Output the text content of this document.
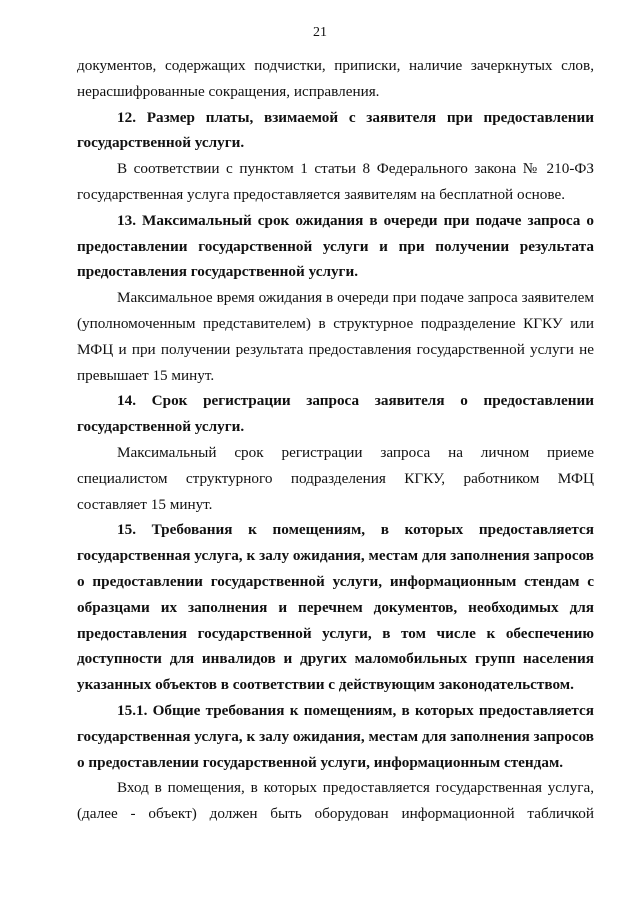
21

документов, содержащих подчистки, приписки, наличие зачеркнутых слов, нерасшифрованные сокращения, исправления.

12. Размер платы, взимаемой с заявителя при предоставлении государственной услуги.

В соответствии с пунктом 1 статьи 8 Федерального закона № 210-ФЗ государственная услуга предоставляется заявителям на бесплатной основе.

13. Максимальный срок ожидания в очереди при подаче запроса о предоставлении государственной услуги и при получении результата предоставления государственной услуги.

Максимальное время ожидания в очереди при подаче запроса заявителем (уполномоченным представителем) в структурное подразделение КГКУ или МФЦ и при получении результата предоставления государственной услуги не превышает 15 минут.

14. Срок регистрации запроса заявителя о предоставлении государственной услуги.

Максимальный срок регистрации запроса на личном приеме специалистом структурного подразделения КГКУ, работником МФЦ составляет 15 минут.

15. Требования к помещениям, в которых предоставляется государственная услуга, к залу ожидания, местам для заполнения запросов о предоставлении государственной услуги, информационным стендам с образцами их заполнения и перечнем документов, необходимых для предоставления государственной услуги, в том числе к обеспечению доступности для инвалидов и других маломобильных групп населения указанных объектов в соответствии с действующим законодательством.

15.1. Общие требования к помещениям, в которых предоставляется государственная услуга, к залу ожидания, местам для заполнения запросов о предоставлении государственной услуги, информационным стендам.

Вход в помещения, в которых предоставляется государственная услуга, (далее - объект) должен быть оборудован информационной табличкой
